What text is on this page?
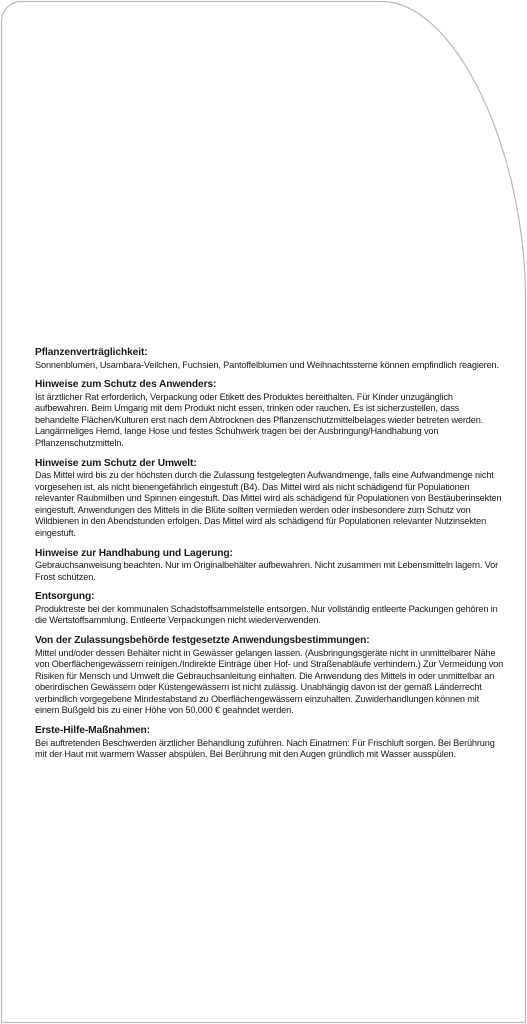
Pflanzenverträglichkeit:
Sonnenblumen, Usambara-Veilchen, Fuchsien, Pantoffelblumen und Weihnachtssterne können empfindlich reagieren.
Hinweise zum Schutz des Anwenders:
Ist ärztlicher Rat erforderlich, Verpackung oder Etikett des Produktes bereithalten. Für Kinder unzugänglich aufbewahren. Beim Umgang mit dem Produkt nicht essen, trinken oder rauchen. Es ist sicherzustellen, dass behandelte Flächen/Kulturen erst nach dem Abtrocknen des Pflanzenschutzmittelbelages wieder betreten werden. Langärmeliges Hemd, lange Hose und festes Schuhwerk tragen bei der Ausbringung/Handhabung von Pflanzenschutzmitteln.
Hinweise zum Schutz der Umwelt:
Das Mittel wird bis zu der höchsten durch die Zulassung festgelegten Aufwandmenge, falls eine Aufwandmenge nicht vorgesehen ist, als nicht bienengefährlich eingestuft (B4). Das Mittel wird als nicht schädigend für Populationen relevanter Raubmilben und Spinnen eingestuft. Das Mittel wird als schädigend für Populationen von Bestäuberinsekten eingestuft. Anwendungen des Mittels in die Blüte sollten vermieden werden oder insbesondere zum Schutz von Wildbienen in den Abendstunden erfolgen. Das Mittel wird als schädigend für Populationen relevanter Nutzinsekten eingestuft.
Hinweise zur Handhabung und Lagerung:
Gebrauchsanweisung beachten. Nur im Originalbehälter aufbewahren. Nicht zusammen mit Lebensmitteln lagern. Vor Frost schützen.
Entsorgung:
Produktreste bei der kommunalen Schadstoffsammelstelle entsorgen. Nur vollständig entleerte Packungen gehören in die Wertstoffsammlung. Entleerte Verpackungen nicht wiederverwenden.
Von der Zulassungsbehörde festgesetzte Anwendungsbestimmungen:
Mittel und/oder dessen Behälter nicht in Gewässer gelangen lassen. (Ausbringungsgeräte nicht in unmittelbarer Nähe von Oberflächengewässern reinigen./Indirekte Einträge über Hof- und Straßenabläufe verhindern.) Zur Vermeidung von Risiken für Mensch und Umwelt die Gebrauchsanleitung einhalten. Die Anwendung des Mittels in oder unmittelbar an oberirdischen Gewässern oder Küstengewässern ist nicht zulässig. Unabhängig davon ist der gemäß Länderrecht verbindlich vorgegebene Mindestabstand zu Oberflächengewässern einzuhalten. Zuwiderhandlungen können mit einem Bußgeld bis zu einer Höhe von 50.000 € geahndet werden.
Erste-Hilfe-Maßnahmen:
Bei auftretenden Beschwerden ärztlicher Behandlung zuführen. Nach Einatmen: Für Frischluft sorgen. Bei Berührung mit der Haut mit warmem Wasser abspülen. Bei Berührung mit den Augen gründlich mit Wasser ausspülen.
